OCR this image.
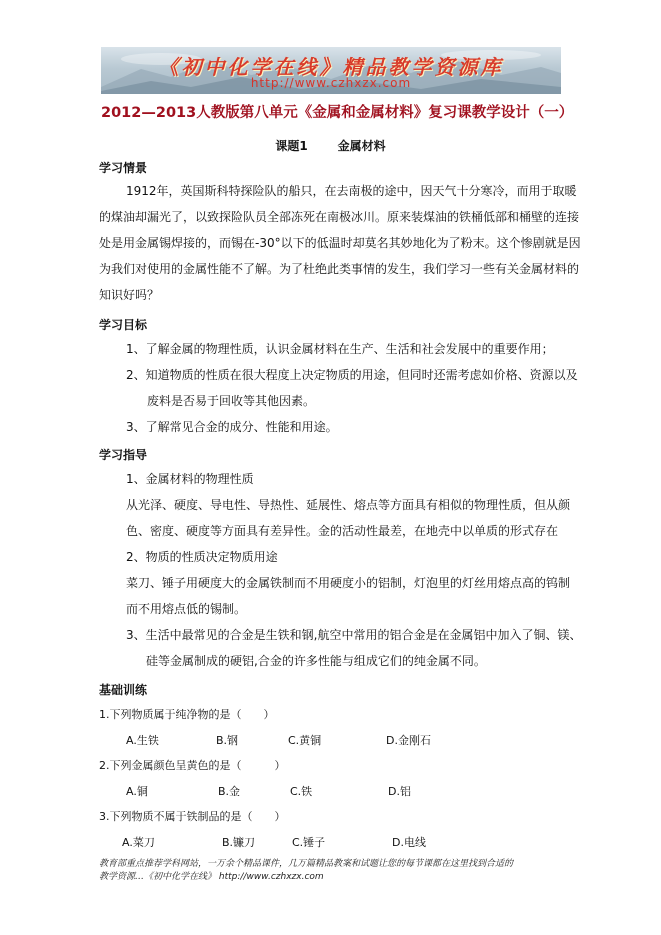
《初中化学在线》精品教学资源库
http://www.czhxzx.com
2012—2013人教版第八单元《金属和金属材料》复习课教学设计（一）
课题1	金属材料
学习情景
1912年，英国斯科特探险队的船只，在去南极的途中，因天气十分寒冷，而用于取暖
的煤油却漏光了，以致探险队员全部冻死在南极冰川。原来装煤油的铁桶低部和桶壁的连接
处是用金属锡焊接的，而锡在-30°以下的低温时却莫名其妙地化为了粉末。这个惨剧就是因
为我们对使用的金属性能不了解。为了杜绝此类事情的发生，我们学习一些有关金属材料的
知识好吗？
学习目标
1、了解金属的物理性质，认识金属材料在生产、生活和社会发展中的重要作用；
2、知道物质的性质在很大程度上决定物质的用途，但同时还需考虑如价格、资源以及
废料是否易于回收等其他因素。
3、了解常见合金的成分、性能和用途。
学习指导
1、金属材料的物理性质
从光泽、硬度、导电性、导热性、延展性、熔点等方面具有相似的物理性质，但从颜
色、密度、硬度等方面具有差异性。金的活动性最差，在地壳中以单质的形式存在
2、物质的性质决定物质用途
菜刀、锤子用硬度大的金属铁制而不用硬度小的铝制，灯泡里的灯丝用熔点高的钨制
而不用熔点低的锡制。
3、生活中最常见的合金是生铁和钢,航空中常用的铝合金是在金属铝中加入了铜、镁、
硅等金属制成的硬铝,合金的许多性能与组成它们的纯金属不同。
基础训练
1.下列物质属于纯净物的是（　　）
A.生铁	B.钢	C.黄铜	D.金刚石
2.下列金属颜色呈黄色的是（　　　）
A.铜	B.金	C.铁	D.铝
3.下列物质不属于铁制品的是（　　）
A.菜刀	B.镰刀	C.锤子	D.电线
教育部重点推荐学科网站，一万余个精品课件，几万篇精品教案和试题让您的每节课都在这里找到合适的
教学资源…《初中化学在线》 http://www.czhxzx.com
